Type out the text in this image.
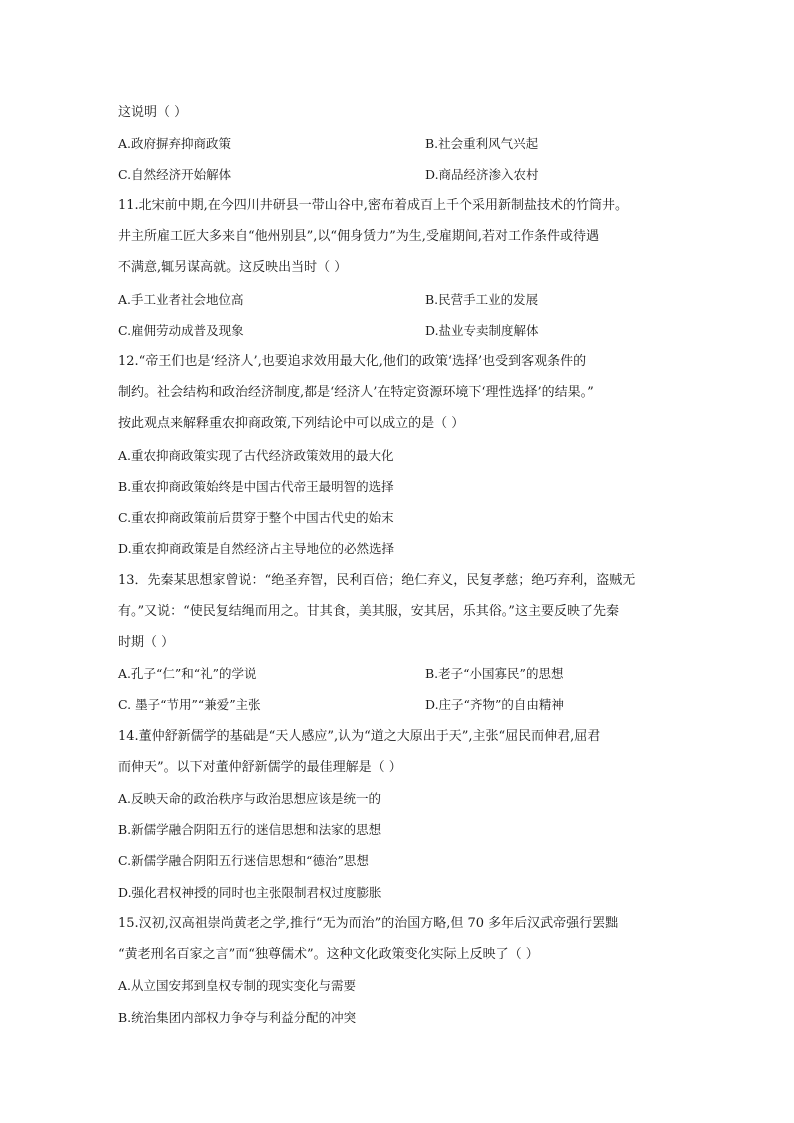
这说明（ ）
A.政府摒弃抑商政策	B.社会重利风气兴起
C.自然经济开始解体	D.商品经济渗入农村
11.北宋前中期,在今四川井研县一带山谷中,密布着成百上千个采用新制盐技术的竹筒井。
井主所雇工匠大多来自“他州别县”,以“佣身赁力”为生,受雇期间,若对工作条件或待遇
不满意,辄另谋高就。这反映出当时（ ）
A.手工业者社会地位高	B.民营手工业的发展
C.雇佣劳动成普及现象	D.盐业专卖制度解体
12.“帝王们也是‘经济人’,也要追求效用最大化,他们的政策‘选择’也受到客观条件的
制约。社会结构和政治经济制度,都是‘经济人’在特定资源环境下‘理性选择’的结果。”
按此观点来解释重农抑商政策,下列结论中可以成立的是（ ）
A.重农抑商政策实现了古代经济政策效用的最大化
B.重农抑商政策始终是中国古代帝王最明智的选择
C.重农抑商政策前后贯穿于整个中国古代史的始末
D.重农抑商政策是自然经济占主导地位的必然选择
13．先秦某思想家曾说：“绝圣弃智，民利百倍；绝仁弃义，民复孝慈；绝巧弃利，盗贼无
有。”又说：“使民复结绳而用之。甘其食，美其服，安其居，乐其俗。”这主要反映了先秦
时期（ ）
A.孔子“仁”和“礼”的学说	B.老子“小国寡民”的思想
C. 墨子“节用”“兼爱”主张	D.庄子“齐物”的自由精神
14.董仲舒新儒学的基础是“天人感应”,认为“道之大原出于天”,主张“屈民而伸君,屈君
而伸天”。以下对董仲舒新儒学的最佳理解是（ ）
A.反映天命的政治秩序与政治思想应该是统一的
B.新儒学融合阴阳五行的迷信思想和法家的思想
C.新儒学融合阴阳五行迷信思想和“德治”思想
D.强化君权神授的同时也主张限制君权过度膨胀
15.汉初,汉高祖崇尚黄老之学,推行“无为而治”的治国方略,但 70 多年后汉武帝强行罢黜
“黄老刑名百家之言”而“独尊儒术”。这种文化政策变化实际上反映了（ ）
A.从立国安邦到皇权专制的现实变化与需要
B.统治集团内部权力争夺与利益分配的冲突
